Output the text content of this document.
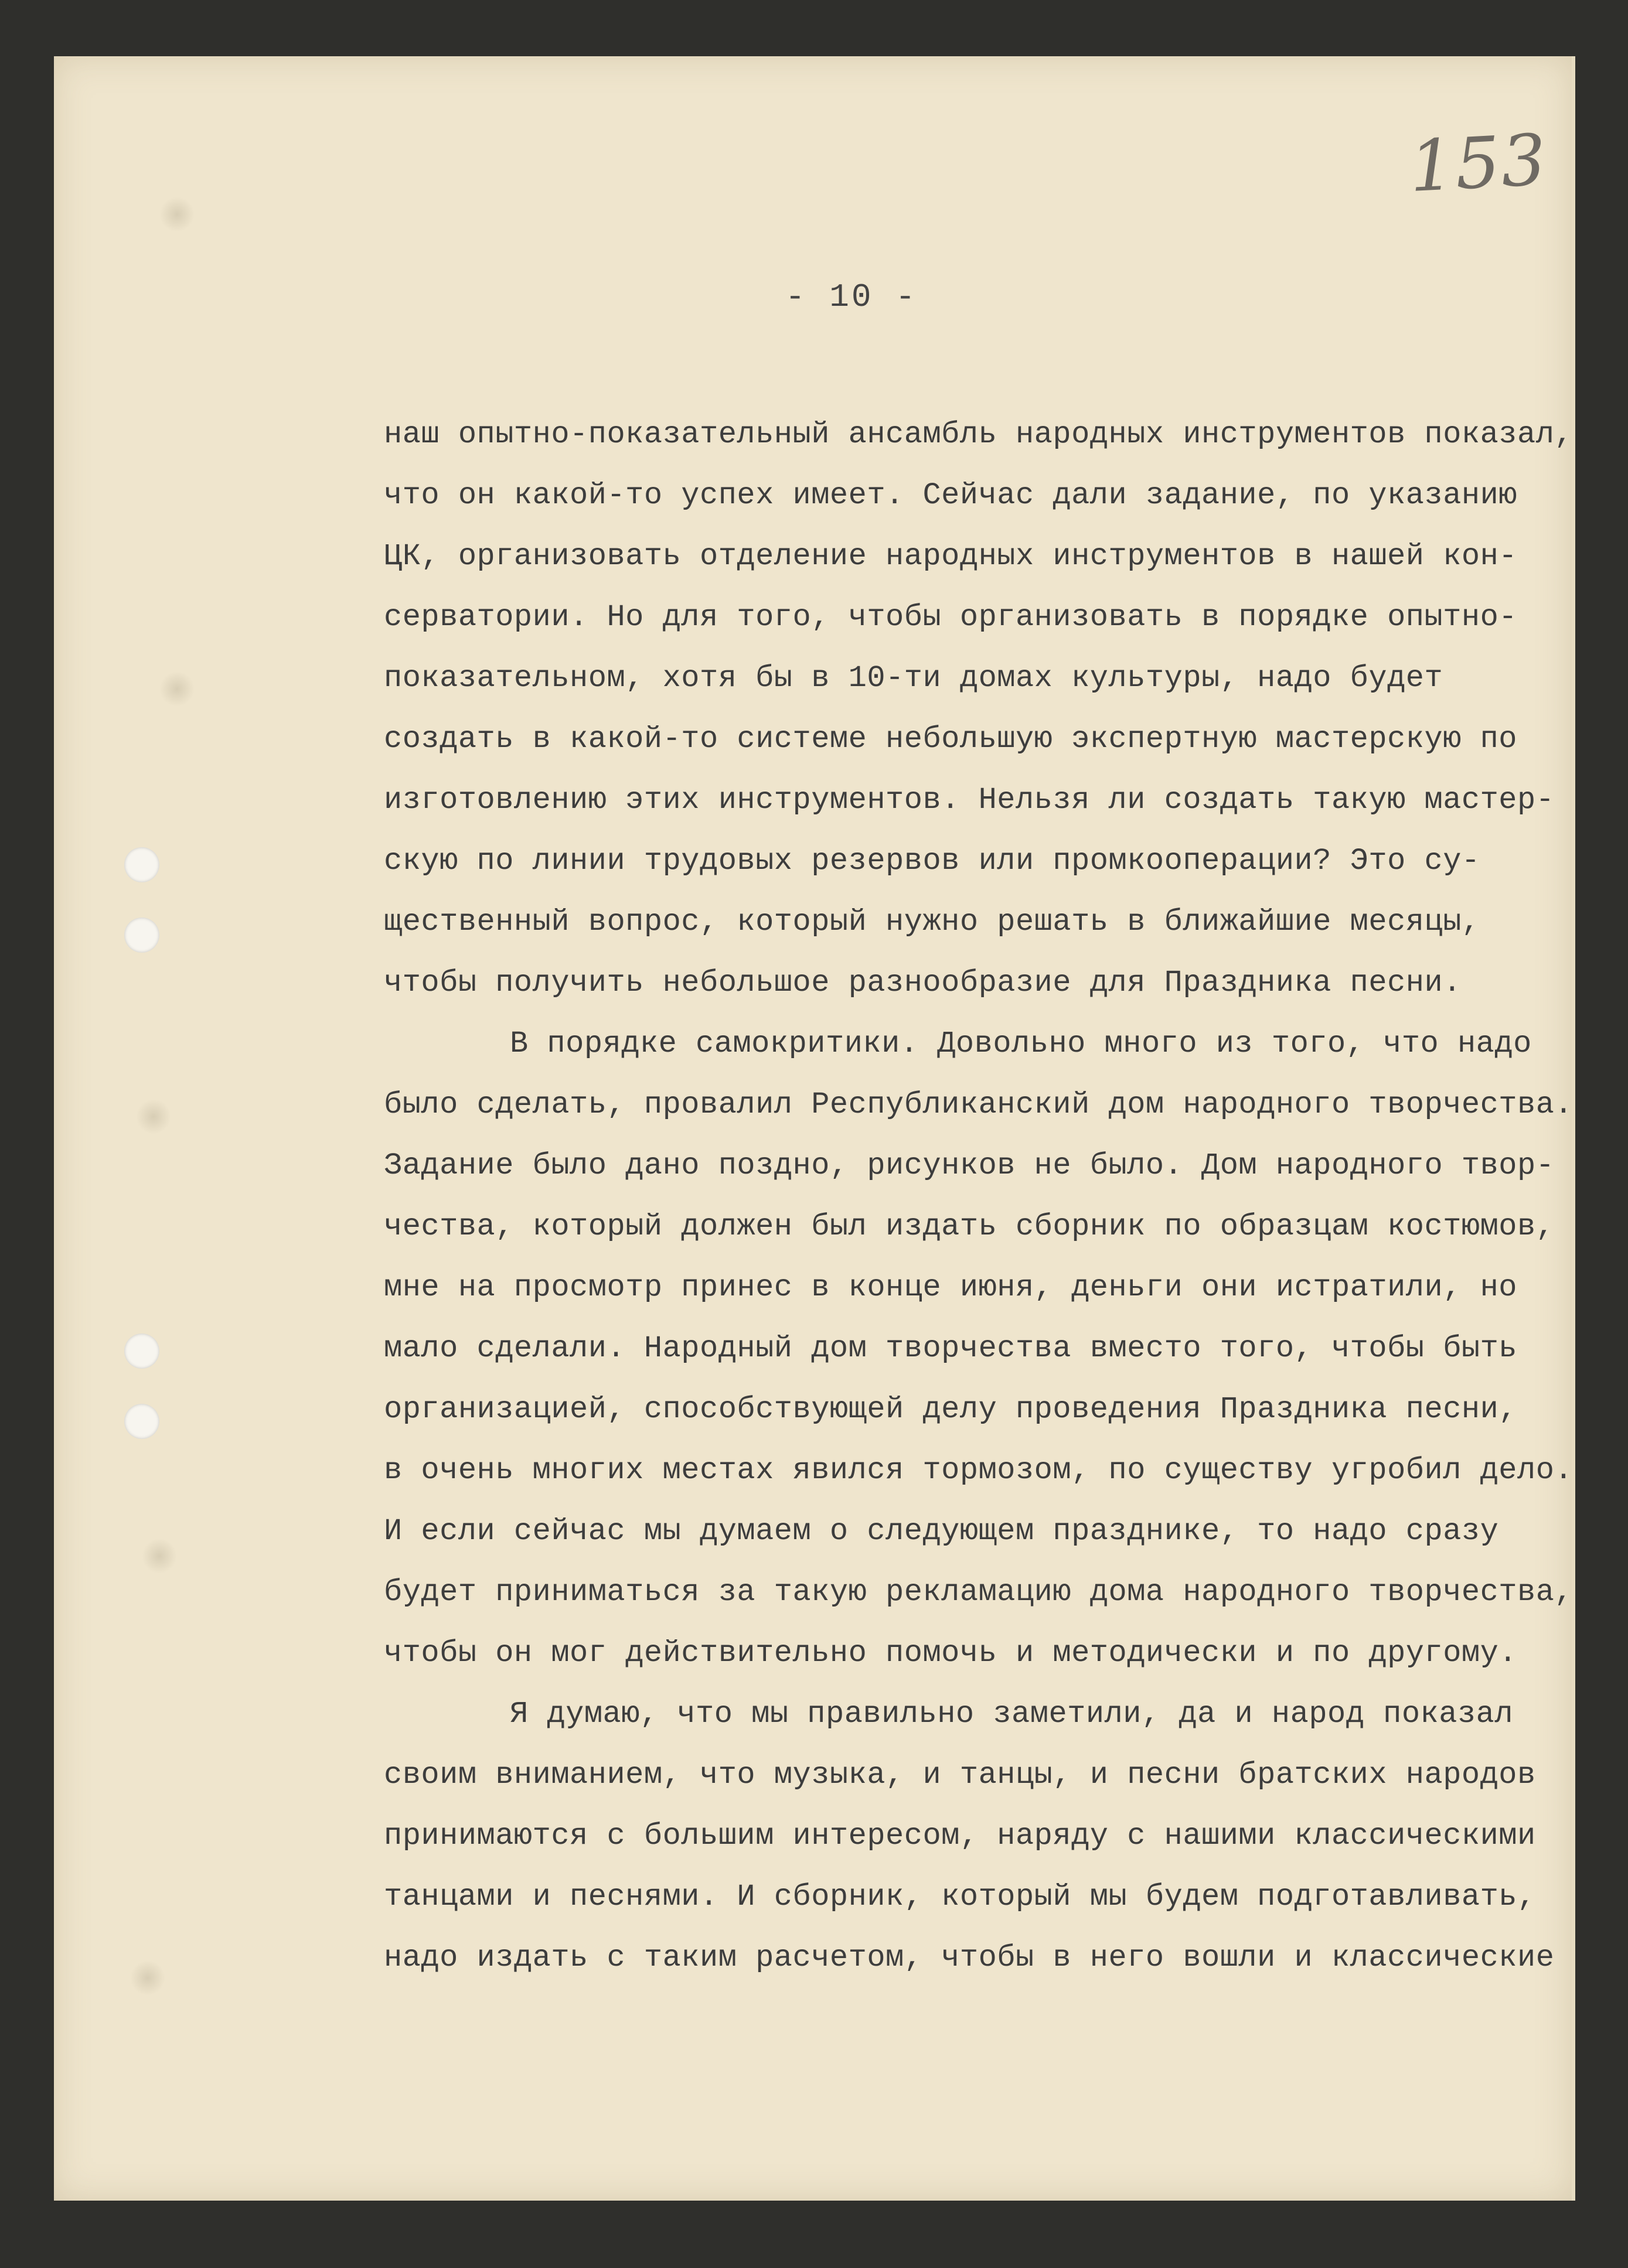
153
- 10 -
наш опытно-показательный ансамбль народных инструментов показал,
что он какой-то успех имеет. Сейчас дали задание, по указанию
ЦК, организовать отделение народных инструментов в нашей кон-
серватории. Но для того, чтобы организовать в порядке опытно-
показательном, хотя бы в 10-ти домах культуры, надо будет
создать в какой-то системе небольшую экспертную мастерскую по
изготовлению этих инструментов. Нельзя ли создать такую мастер-
скую по линии трудовых резервов или промкооперации? Это су-
щественный вопрос, который нужно решать в ближайшие месяцы,
чтобы получить небольшое разнообразие для Праздника песни.
В порядке самокритики. Довольно много из того, что надо
было сделать, провалил Республиканский дом народного творчества.
Задание было дано поздно, рисунков не было. Дом народного твор-
чества, который должен был издать сборник по образцам костюмов,
мне на просмотр принес в конце июня, деньги они истратили, но
мало сделали. Народный дом творчества вместо того, чтобы быть
организацией, способствующей делу проведения Праздника песни,
в очень многих местах явился тормозом, по существу угробил дело.
И если сейчас мы думаем о следующем празднике, то надо сразу
будет приниматься за такую рекламацию дома народного творчества,
чтобы он мог действительно помочь и методически и по другому.
Я думаю, что мы правильно заметили, да и народ показал
своим вниманием, что музыка, и танцы, и песни братских народов
принимаются с большим интересом, наряду с нашими классическими
танцами и песнями. И сборник, который мы будем подготавливать,
надо издать с таким расчетом, чтобы в него вошли и классические
